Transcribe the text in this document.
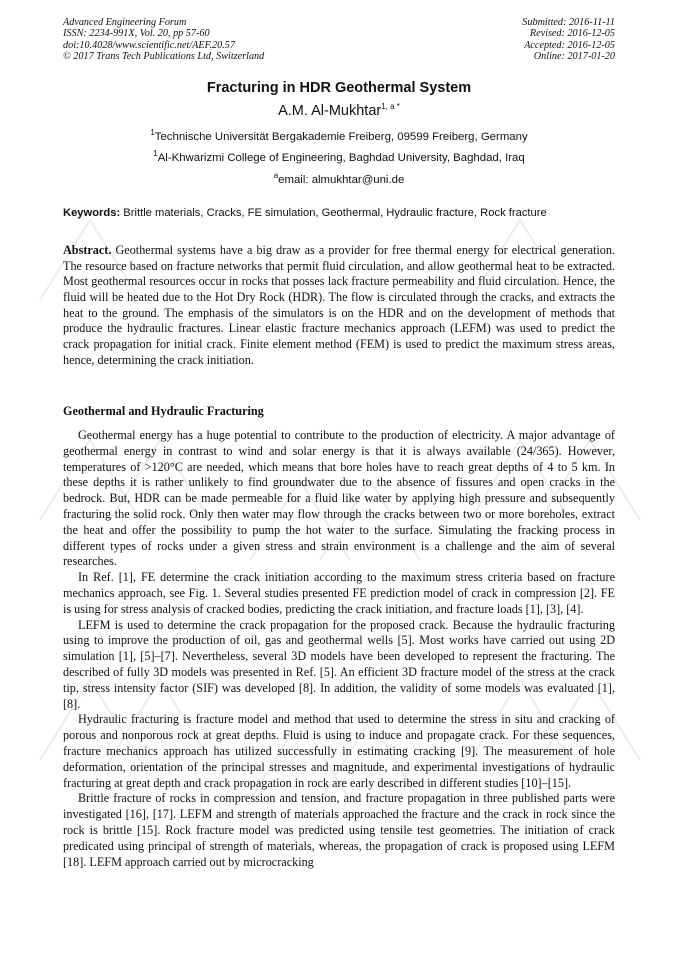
Advanced Engineering Forum
ISSN: 2234-991X, Vol. 20, pp 57-60
doi:10.4028/www.scientific.net/AEF.20.57
© 2017 Trans Tech Publications Ltd, Switzerland
Submitted: 2016-11-11
Revised: 2016-12-05
Accepted: 2016-12-05
Online: 2017-01-20
Fracturing in HDR Geothermal System
A.M. Al-Mukhtar$^{1, a *}$
$^1$Technische Universität Bergakademie Freiberg, 09599 Freiberg, Germany
$^1$Al-Khwarizmi College of Engineering, Baghdad University, Baghdad, Iraq
$^a$email: almukhtar@uni.de
Keywords: Brittle materials, Cracks, FE simulation, Geothermal, Hydraulic fracture, Rock fracture

Abstract. Geothermal systems have a big draw as a provider for free thermal energy for electrical generation. The resource based on fracture networks that permit fluid circulation, and allow geothermal heat to be extracted. Most geothermal resources occur in rocks that posses lack fracture permeability and fluid circulation. Hence, the fluid will be heated due to the Hot Dry Rock (HDR). The flow is circulated through the cracks, and extracts the heat to the ground. The emphasis of the simulators is on the HDR and on the development of methods that produce the hydraulic fractures. Linear elastic fracture mechanics approach (LEFM) was used to predict the crack propagation for initial crack. Finite element method (FEM) is used to predict the maximum stress areas, hence, determining the crack initiation.

Geothermal and Hydraulic Fracturing

Geothermal energy has a huge potential to contribute to the production of electricity. A major advantage of geothermal energy in contrast to wind and solar energy is that it is always available (24/365). However, temperatures of >120°C are needed, which means that bore holes have to reach great depths of 4 to 5 km. In these depths it is rather unlikely to find groundwater due to the absence of fissures and open cracks in the bedrock. But, HDR can be made permeable for a fluid like water by applying high pressure and subsequently fracturing the solid rock. Only then water may flow through the cracks between two or more boreholes, extract the heat and offer the possibility to pump the hot water to the surface. Simulating the fracking process in different types of rocks under a given stress and strain environment is a challenge and the aim of several researches.

In Ref. [1], FE determine the crack initiation according to the maximum stress criteria based on fracture mechanics approach, see Fig. 1. Several studies presented FE prediction model of crack in compression [2]. FE is using for stress analysis of cracked bodies, predicting the crack initiation, and fracture loads [1], [3], [4].

LEFM is used to determine the crack propagation for the proposed crack. Because the hydraulic fracturing using to improve the production of oil, gas and geothermal wells [5]. Most works have carried out using 2D simulation [1], [5]–[7]. Nevertheless, several 3D models have been developed to represent the fracturing. The described of fully 3D models was presented in Ref. [5]. An efficient 3D fracture model of the stress at the crack tip, stress intensity factor (SIF) was developed [8]. In addition, the validity of some models was evaluated [1], [8].

Hydraulic fracturing is fracture model and method that used to determine the stress in situ and cracking of porous and nonporous rock at great depths. Fluid is using to induce and propagate crack. For these sequences, fracture mechanics approach has utilized successfully in estimating cracking [9]. The measurement of hole deformation, orientation of the principal stresses and magnitude, and experimental investigations of hydraulic fracturing at great depth and crack propagation in rock are early described in different studies [10]–[15].

Brittle fracture of rocks in compression and tension, and fracture propagation in three published parts were investigated [16], [17]. LEFM and strength of materials approached the fracture and the crack in rock since the rock is brittle [15]. Rock fracture model was predicted using tensile test geometries. The initiation of crack predicated using principal of strength of materials, whereas, the propagation of crack is proposed using LEFM [18]. LEFM approach carried out by microcracking
